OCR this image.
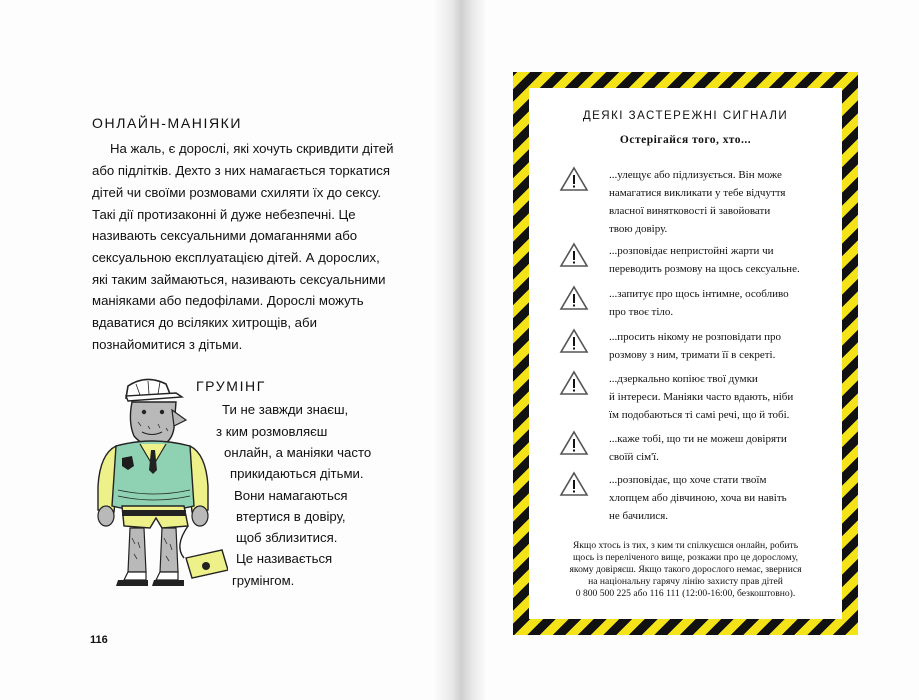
ОНЛАЙН-МАНІЯКИ
На жаль, є дорослі, які хочуть скривдити дітей
або підлітків. Дехто з них намагається торкатися
дітей чи своїми розмовами схиляти їх до сексу.
Такі дії протизаконні й дуже небезпечні. Це
називають сексуальними домаганнями або
сексуальною експлуатацією дітей. А дорослих,
які таким займаються, називають сексуальними
маніяками або педофілами. Дорослі можуть
вдаватися до всіляких хитрощів, аби
познайомитися з дітьми.
ГРУМІНГ
Ти не завжди знаєш,
з ким розмовляєш
онлайн, а маніяки часто
прикидаються дітьми.
Вони намагаються
втертися в довіру,
щоб зблизитися.
Це називається
грумінгом.
116
ДЕЯКІ ЗАСТЕРЕЖНІ СИГНАЛИ
Остерігайся того, хто...
...улещує або підлизується. Він може
намагатися викликати у тебе відчуття
власної винятковості й завойовати
твою довіру.
...розповідає непристойні жарти чи
переводить розмову на щось сексуальне.
...запитує про щось інтимне, особливо
про твоє тіло.
...просить нікому не розповідати про
розмову з ним, тримати її в секреті.
...дзеркально копіює твої думки
й інтереси. Маніяки часто вдають, ніби
їм подобаються ті самі речі, що й тобі.
...каже тобі, що ти не можеш довіряти
своїй сім'ї.
...розповідає, що хоче стати твоїм
хлопцем або дівчиною, хоча ви навіть
не бачилися.
Якщо хтось із тих, з ким ти спілкуєшся онлайн, робить
щось із переліченого вище, розкажи про це дорослому,
якому довіряєш. Якщо такого дорослого немає, звернися
на національну гарячу лінію захисту прав дітей
0 800 500 225 або 116 111 (12:00-16:00, безкоштовно).
